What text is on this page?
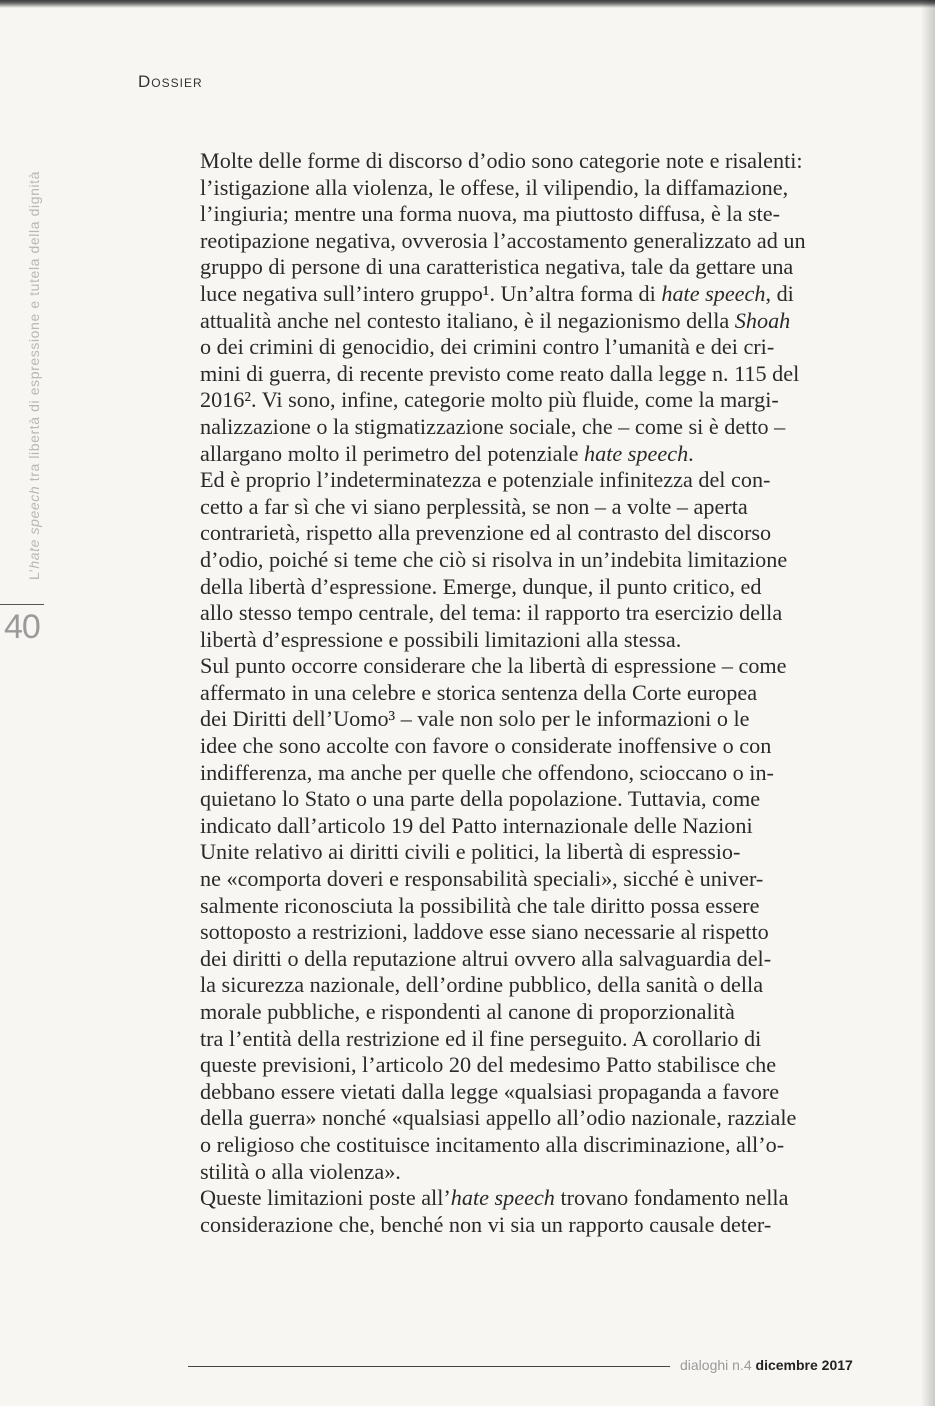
Dossier
L’hate speech tra libertà di espressione e tutela della dignità
40

Molte delle forme di discorso d’odio sono categorie note e risalenti:
l’istigazione alla violenza, le offese, il vilipendio, la diffamazione,
l’ingiuria; mentre una forma nuova, ma piuttosto diffusa, è la ste-
reotipazione negativa, ovverosia l’accostamento generalizzato ad un
gruppo di persone di una caratteristica negativa, tale da gettare una
luce negativa sull’intero gruppo¹. Un’altra forma di hate speech, di
attualità anche nel contesto italiano, è il negazionismo della Shoah
o dei crimini di genocidio, dei crimini contro l’umanità e dei cri-
mini di guerra, di recente previsto come reato dalla legge n. 115 del
2016². Vi sono, infine, categorie molto più fluide, come la margi-
nalizzazione o la stigmatizzazione sociale, che – come si è detto –
allargano molto il perimetro del potenziale hate speech.

Ed è proprio l’indeterminatezza e potenziale infinitezza del con-
cetto a far sì che vi siano perplessità, se non – a volte – aperta
contrarietà, rispetto alla prevenzione ed al contrasto del discorso
d’odio, poiché si teme che ciò si risolva in un’indebita limitazione
della libertà d’espressione. Emerge, dunque, il punto critico, ed
allo stesso tempo centrale, del tema: il rapporto tra esercizio della
libertà d’espressione e possibili limitazioni alla stessa.

Sul punto occorre considerare che la libertà di espressione – come
affermato in una celebre e storica sentenza della Corte europea
dei Diritti dell’Uomo³ – vale non solo per le informazioni o le
idee che sono accolte con favore o considerate inoffensive o con
indifferenza, ma anche per quelle che offendono, scioccano o in-
quietano lo Stato o una parte della popolazione. Tuttavia, come
indicato dall’articolo 19 del Patto internazionale delle Nazioni
Unite relativo ai diritti civili e politici, la libertà di espressio-
ne «comporta doveri e responsabilità speciali», sicché è univer-
salmente riconosciuta la possibilità che tale diritto possa essere
sottoposto a restrizioni, laddove esse siano necessarie al rispetto
dei diritti o della reputazione altrui ovvero alla salvaguardia del-
la sicurezza nazionale, dell’ordine pubblico, della sanità o della
morale pubbliche, e rispondenti al canone di proporzionalità
tra l’entità della restrizione ed il fine perseguito. A corollario di
queste previsioni, l’articolo 20 del medesimo Patto stabilisce che
debbano essere vietati dalla legge «qualsiasi propaganda a favore
della guerra» nonché «qualsiasi appello all’odio nazionale, razziale
o religioso che costituisce incitamento alla discriminazione, all’o-
stilità o alla violenza».

Queste limitazioni poste all’hate speech trovano fondamento nella
considerazione che, benché non vi sia un rapporto causale deter-

dialoghi n.4 dicembre 2017
